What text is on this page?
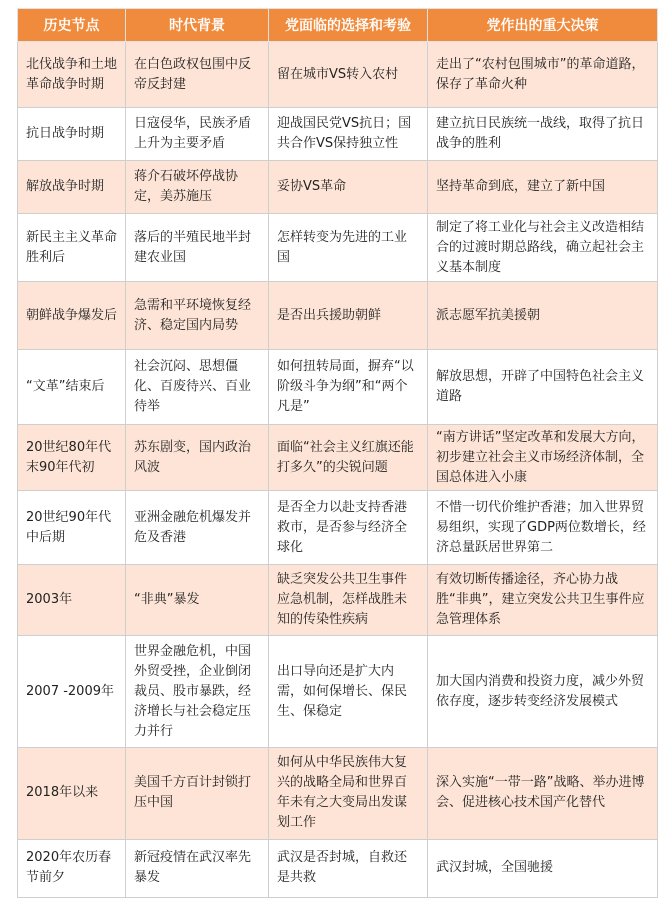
历史节点	时代背景	党面临的选择和考验	党作出的重大决策
北伐战争和土地革命战争时期	在白色政权包围中反帝反封建	留在城市VS转入农村	走出了“农村包围城市”的革命道路，保存了革命火种
抗日战争时期	日寇侵华，民族矛盾上升为主要矛盾	迎战国民党VS抗日；国共合作VS保持独立性	建立抗日民族统一战线，取得了抗日战争的胜利
解放战争时期	蒋介石破坏停战协定，美苏施压	妥协VS革命	坚持革命到底，建立了新中国
新民主主义革命胜利后	落后的半殖民地半封建农业国	怎样转变为先进的工业国	制定了将工业化与社会主义改造相结合的过渡时期总路线，确立起社会主义基本制度
朝鲜战争爆发后	急需和平环境恢复经济、稳定国内局势	是否出兵援助朝鲜	派志愿军抗美援朝
“文革”结束后	社会沉闷、思想僵化、百废待兴、百业待举	如何扭转局面，摒弃“以阶级斗争为纲”和“两个凡是”	解放思想，开辟了中国特色社会主义道路
20世纪80年代末90年代初	苏东剧变，国内政治风波	面临“社会主义红旗还能打多久”的尖锐问题	“南方讲话”坚定改革和发展大方向，初步建立社会主义市场经济体制，全国总体进入小康
20世纪90年代中后期	亚洲金融危机爆发并危及香港	是否全力以赴支持香港救市，是否参与经济全球化	不惜一切代价维护香港；加入世界贸易组织，实现了GDP两位数增长，经济总量跃居世界第二
2003年	“非典”暴发	缺乏突发公共卫生事件应急机制，怎样战胜未知的传染性疾病	有效切断传播途径，齐心协力战胜“非典”，建立突发公共卫生事件应急管理体系
2007 -2009年	世界金融危机，中国外贸受挫，企业倒闭裁员、股市暴跌，经济增长与社会稳定压力并行	出口导向还是扩大内需，如何保增长、保民生、保稳定	加大国内消费和投资力度，减少外贸依存度，逐步转变经济发展模式
2018年以来	美国千方百计封锁打压中国	如何从中华民族伟大复兴的战略全局和世界百年未有之大变局出发谋划工作	深入实施“一带一路”战略、举办进博会、促进核心技术国产化替代
2020年农历春节前夕	新冠疫情在武汉率先暴发	武汉是否封城，自救还是共救	武汉封城，全国驰援
